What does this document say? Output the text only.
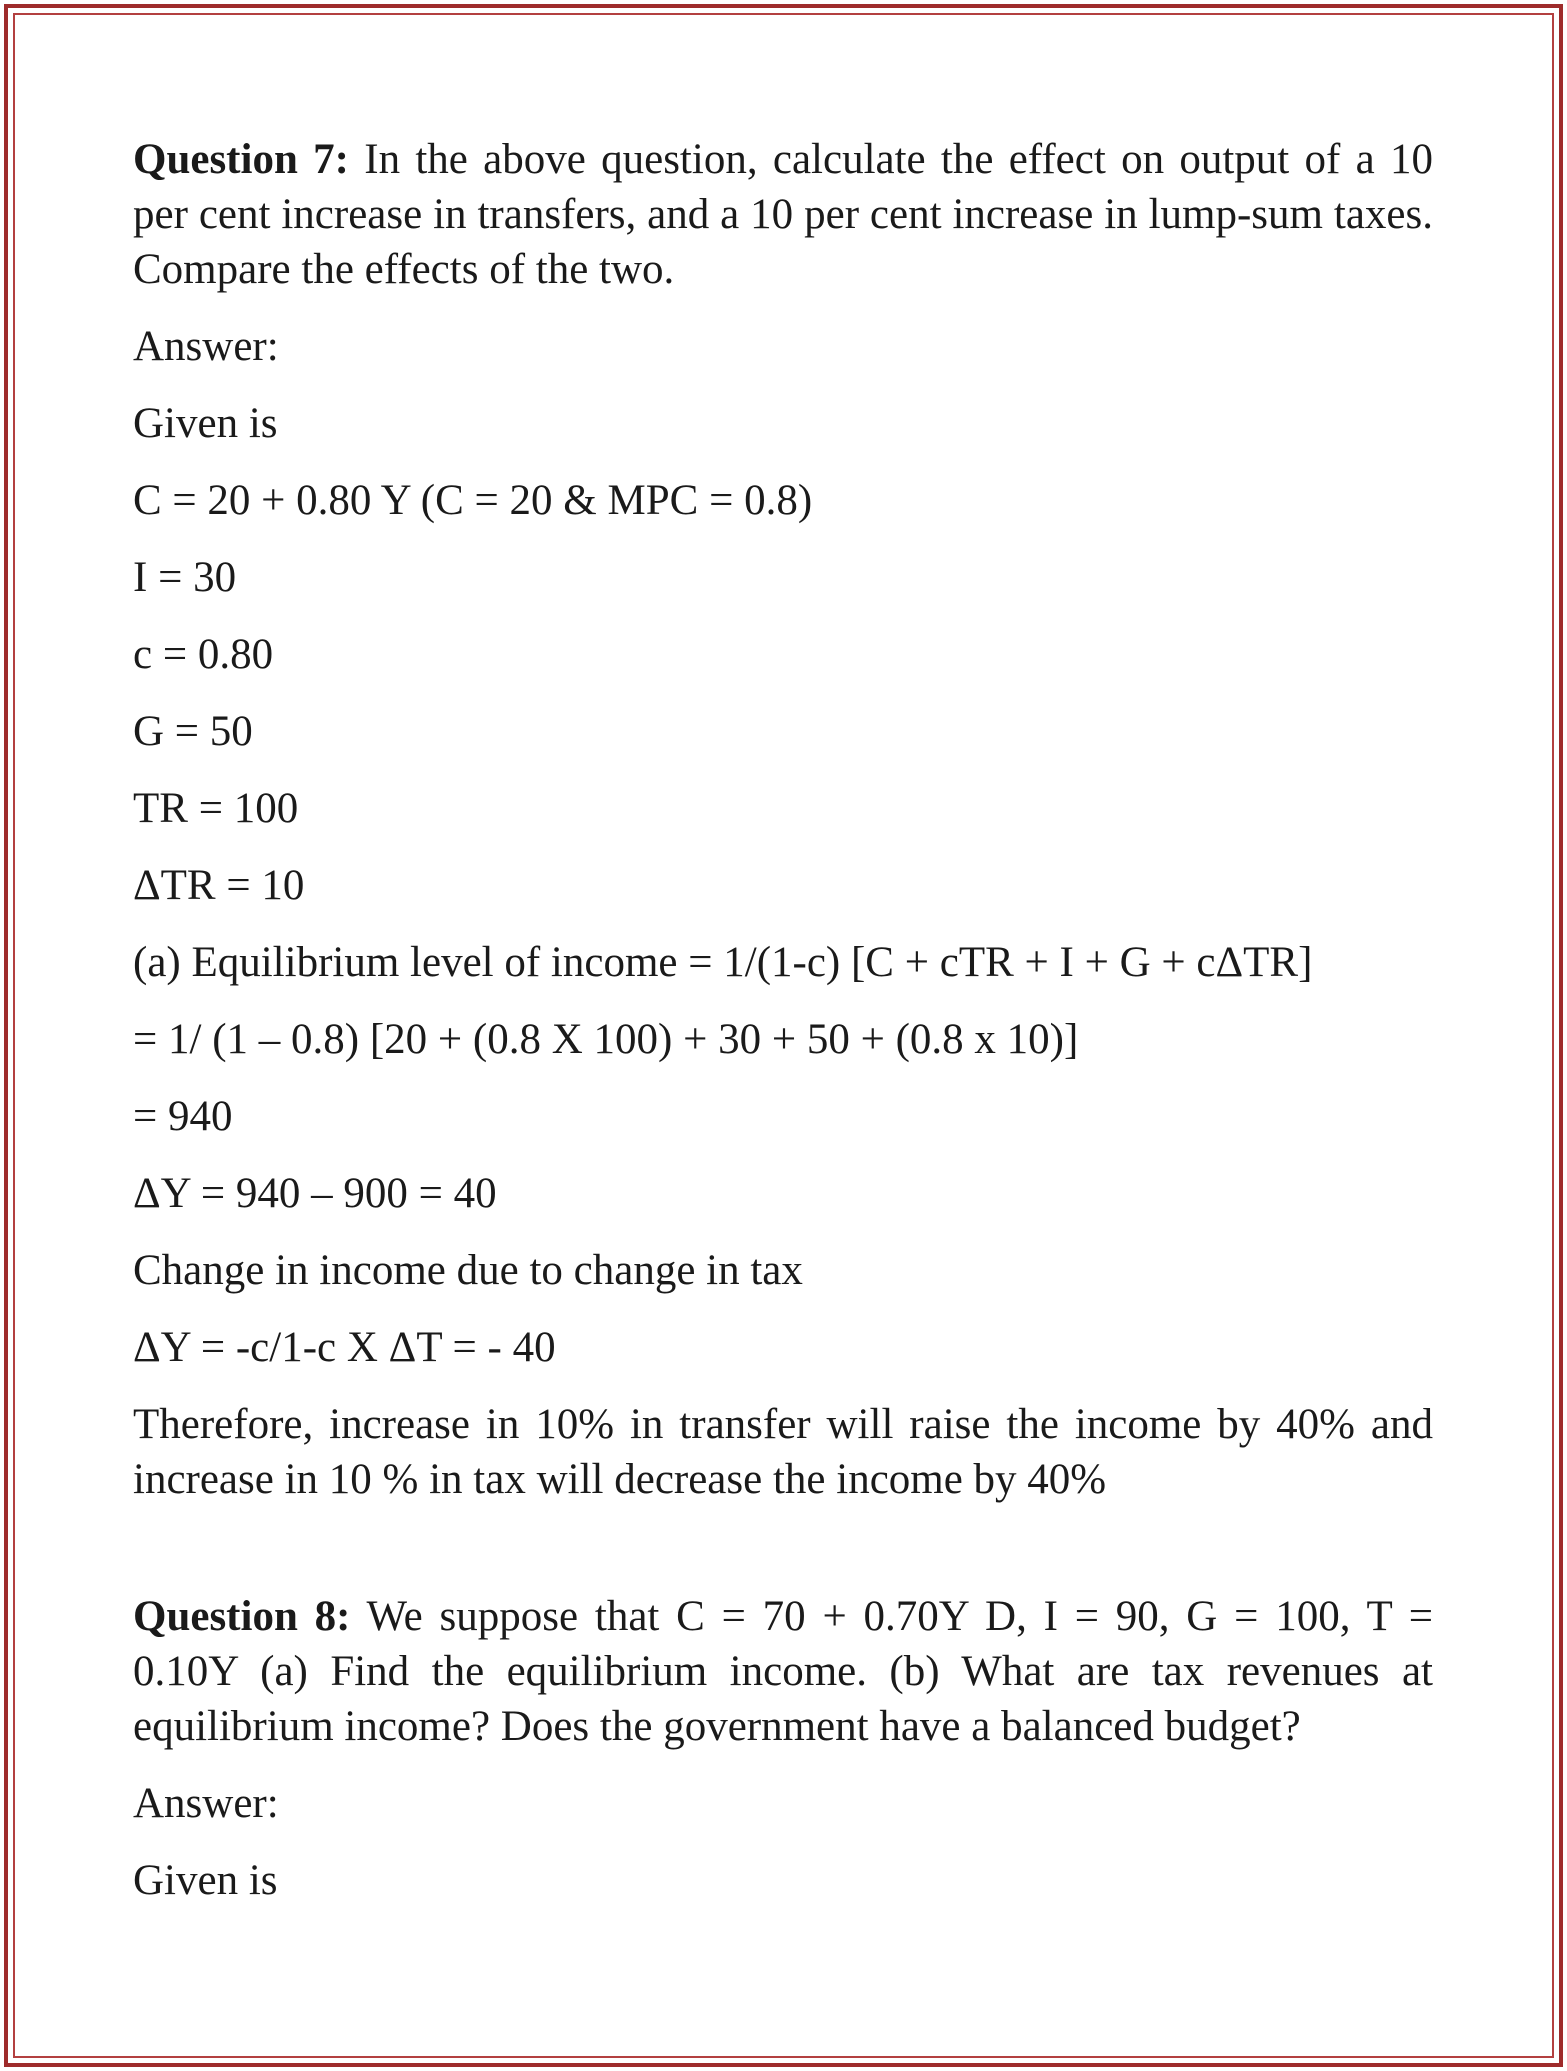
Question 7: In the above question, calculate the effect on output of a 10 per cent increase in transfers, and a 10 per cent increase in lump-sum taxes. Compare the effects of the two.

Answer:

Given is

C = 20 + 0.80 Y (C = 20 & MPC = 0.8)

I = 30

c = 0.80

G = 50

TR = 100

ΔTR = 10

(a) Equilibrium level of income = 1/(1-c) [C + cTR + I + G + cΔTR]

= 1/ (1 – 0.8) [20 + (0.8 X 100) + 30 + 50 + (0.8 x 10)]

= 940

ΔY = 940 – 900 = 40

Change in income due to change in tax

ΔY = -c/1-c X ΔT = - 40

Therefore, increase in 10% in transfer will raise the income by 40% and increase in 10 % in tax will decrease the income by 40%

Question 8: We suppose that C = 70 + 0.70Y D, I = 90, G = 100, T = 0.10Y (a) Find the equilibrium income. (b) What are tax revenues at equilibrium income? Does the government have a balanced budget?

Answer:

Given is
